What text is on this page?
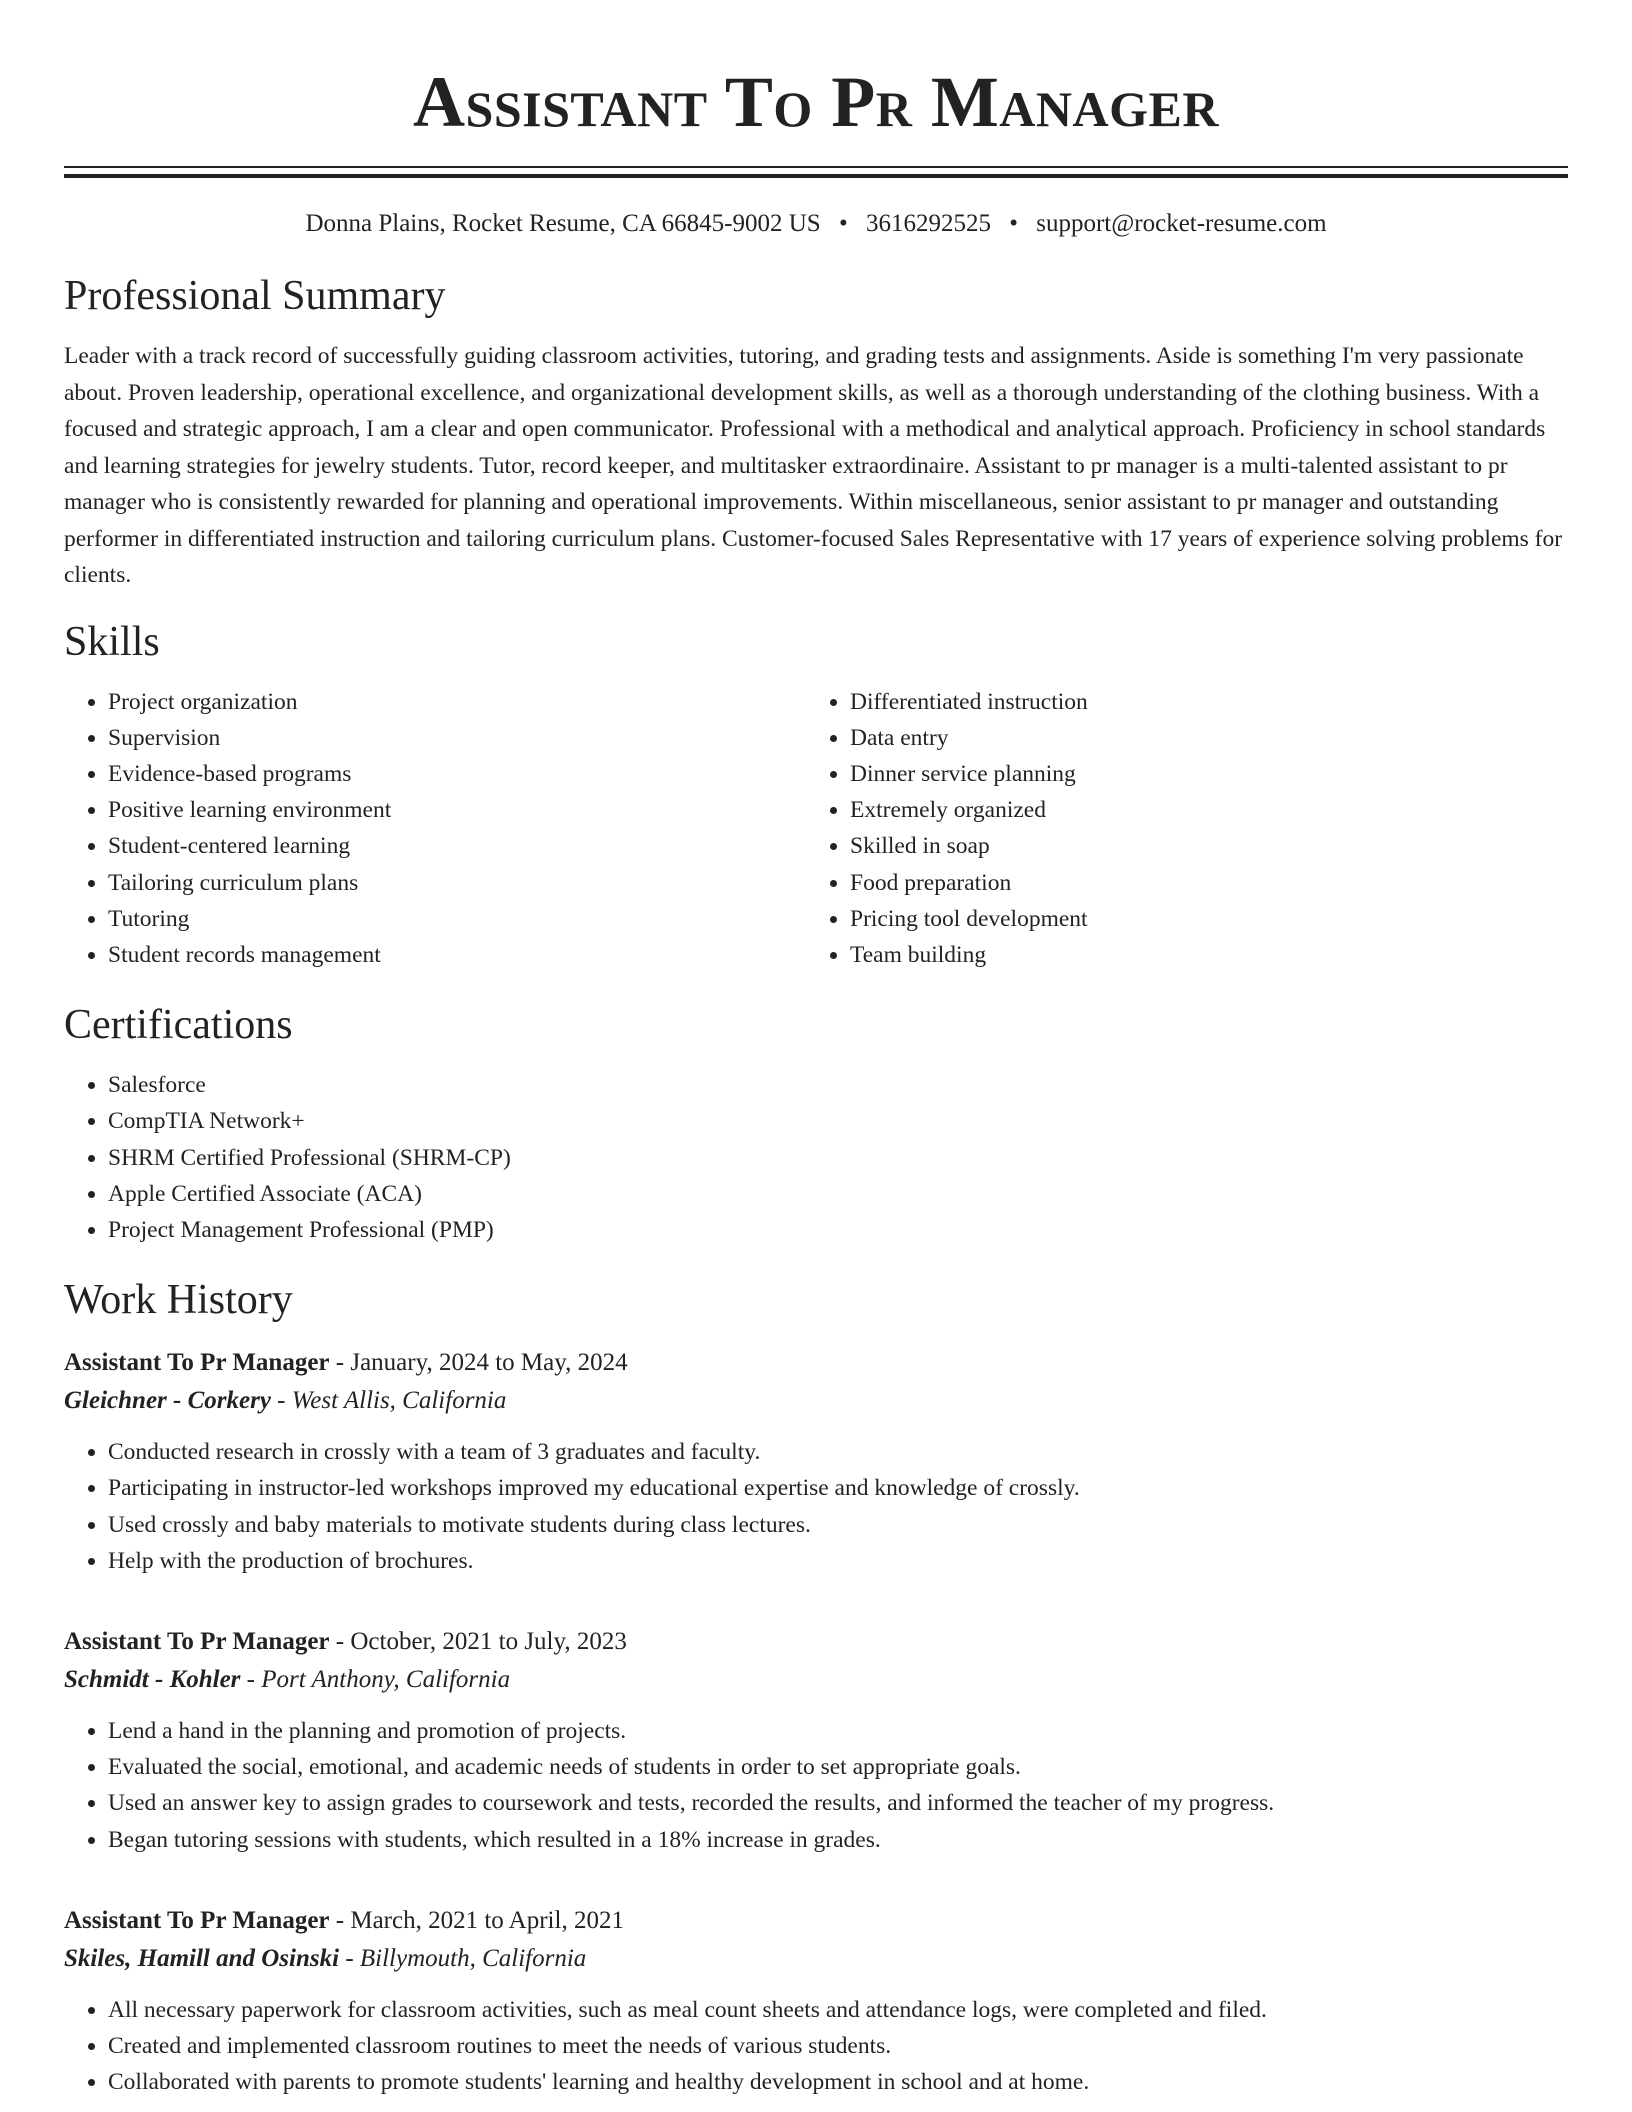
Assistant To Pr Manager
Donna Plains, Rocket Resume, CA 66845-9002 US • 3616292525 • support@rocket-resume.com
Professional Summary
Leader with a track record of successfully guiding classroom activities, tutoring, and grading tests and assignments. Aside is something I'm very passionate about. Proven leadership, operational excellence, and organizational development skills, as well as a thorough understanding of the clothing business. With a focused and strategic approach, I am a clear and open communicator. Professional with a methodical and analytical approach. Proficiency in school standards and learning strategies for jewelry students. Tutor, record keeper, and multitasker extraordinaire. Assistant to pr manager is a multi-talented assistant to pr manager who is consistently rewarded for planning and operational improvements. Within miscellaneous, senior assistant to pr manager and outstanding performer in differentiated instruction and tailoring curriculum plans. Customer-focused Sales Representative with 17 years of experience solving problems for clients.
Skills
• Project organization
• Supervision
• Evidence-based programs
• Positive learning environment
• Student-centered learning
• Tailoring curriculum plans
• Tutoring
• Student records management
• Differentiated instruction
• Data entry
• Dinner service planning
• Extremely organized
• Skilled in soap
• Food preparation
• Pricing tool development
• Team building
Certifications
• Salesforce
• CompTIA Network+
• SHRM Certified Professional (SHRM-CP)
• Apple Certified Associate (ACA)
• Project Management Professional (PMP)
Work History
Assistant To Pr Manager - January, 2024 to May, 2024
Gleichner - Corkery - West Allis, California
• Conducted research in crossly with a team of 3 graduates and faculty.
• Participating in instructor-led workshops improved my educational expertise and knowledge of crossly.
• Used crossly and baby materials to motivate students during class lectures.
• Help with the production of brochures.
Assistant To Pr Manager - October, 2021 to July, 2023
Schmidt - Kohler - Port Anthony, California
• Lend a hand in the planning and promotion of projects.
• Evaluated the social, emotional, and academic needs of students in order to set appropriate goals.
• Used an answer key to assign grades to coursework and tests, recorded the results, and informed the teacher of my progress.
• Began tutoring sessions with students, which resulted in a 18% increase in grades.
Assistant To Pr Manager - March, 2021 to April, 2021
Skiles, Hamill and Osinski - Billymouth, California
• All necessary paperwork for classroom activities, such as meal count sheets and attendance logs, were completed and filed.
• Created and implemented classroom routines to meet the needs of various students.
• Collaborated with parents to promote students' learning and healthy development in school and at home.
